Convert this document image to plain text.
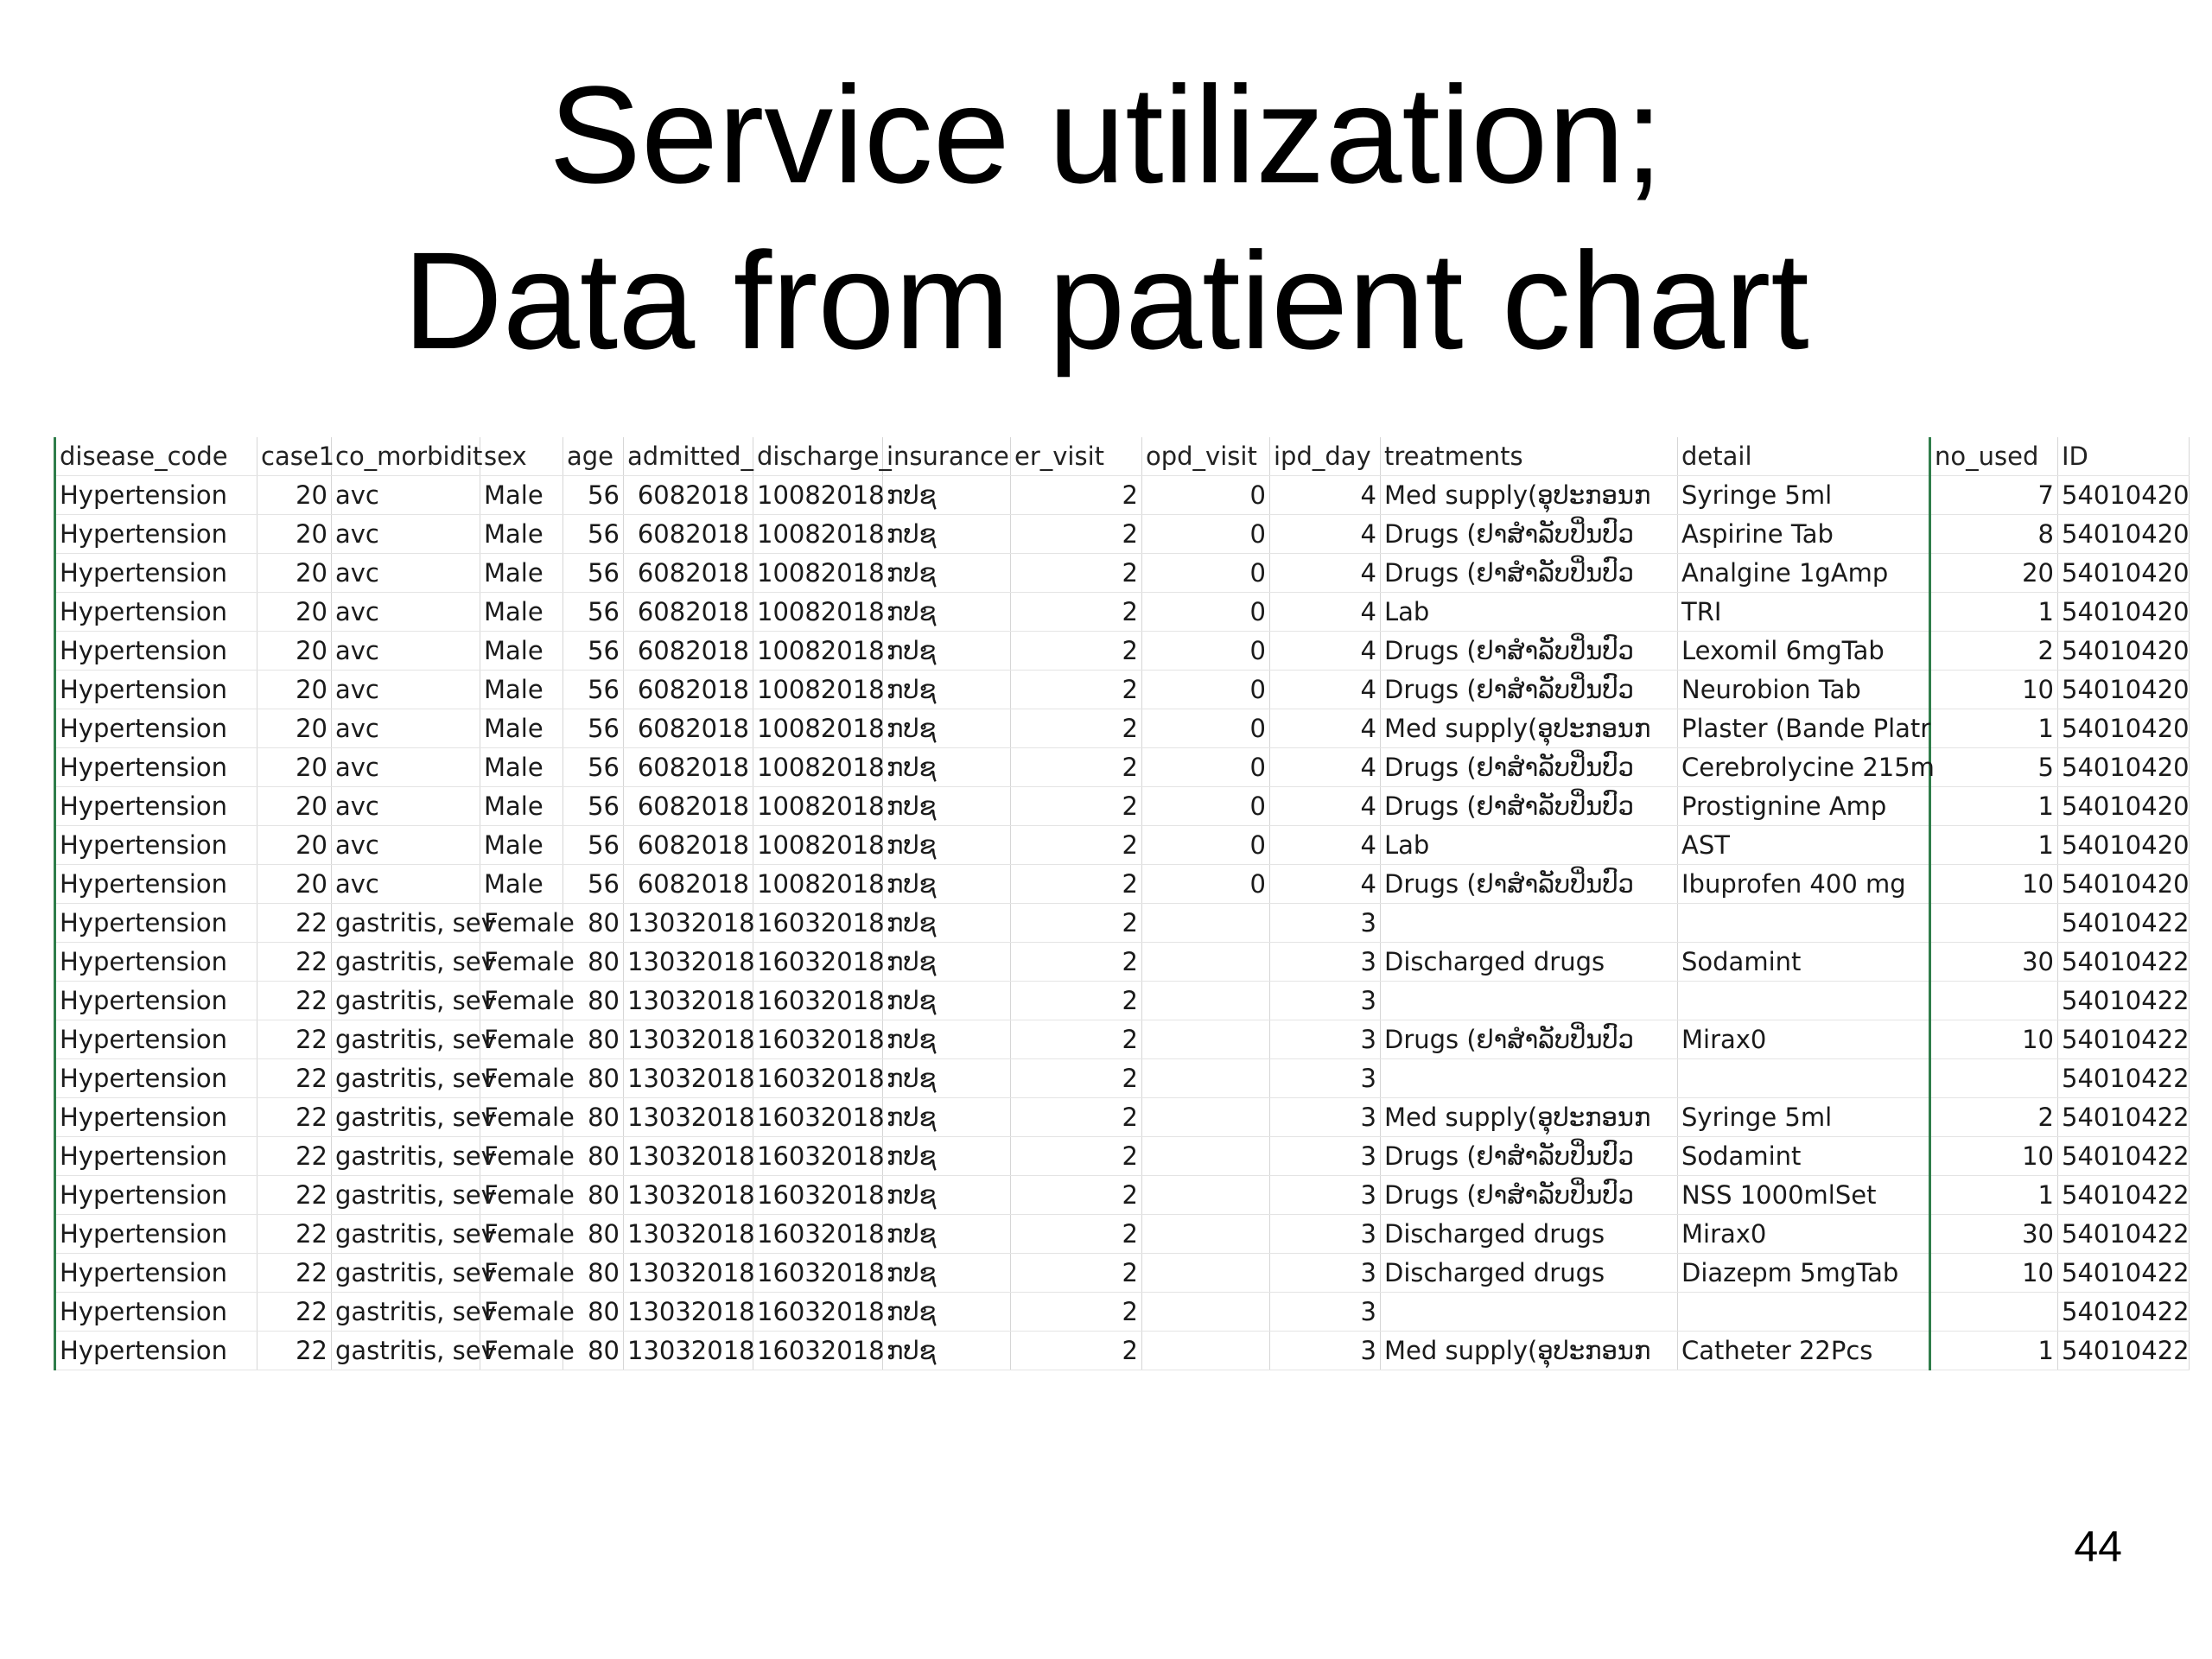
Service utilization;
Data from patient chart
disease_code	case1	co_morbidit	sex	age	admitted_	discharge_	insurance	er_visit	opd_visit	ipd_day	treatments	detail	no_used	ID
Hypertension	20	avc	Male	56	6082018	10082018	ກປຊ	2	0	4	Med supply(ອຸປະກອນກ	Syringe 5ml	7	54010420
Hypertension	20	avc	Male	56	6082018	10082018	ກປຊ	2	0	4	Drugs (ຢາສຳລັບປິ່ນປົວ	Aspirine Tab	8	54010420
Hypertension	20	avc	Male	56	6082018	10082018	ກປຊ	2	0	4	Drugs (ຢາສຳລັບປິ່ນປົວ	Analgine 1gAmp	20	54010420
Hypertension	20	avc	Male	56	6082018	10082018	ກປຊ	2	0	4	Lab	TRI	1	54010420
Hypertension	20	avc	Male	56	6082018	10082018	ກປຊ	2	0	4	Drugs (ຢາສຳລັບປິ່ນປົວ	Lexomil 6mgTab	2	54010420
Hypertension	20	avc	Male	56	6082018	10082018	ກປຊ	2	0	4	Drugs (ຢາສຳລັບປິ່ນປົວ	Neurobion Tab	10	54010420
Hypertension	20	avc	Male	56	6082018	10082018	ກປຊ	2	0	4	Med supply(ອຸປະກອນກ	Plaster (Bande Platr	1	54010420
Hypertension	20	avc	Male	56	6082018	10082018	ກປຊ	2	0	4	Drugs (ຢາສຳລັບປິ່ນປົວ	Cerebrolycine 215m	5	54010420
Hypertension	20	avc	Male	56	6082018	10082018	ກປຊ	2	0	4	Drugs (ຢາສຳລັບປິ່ນປົວ	Prostignine Amp	1	54010420
Hypertension	20	avc	Male	56	6082018	10082018	ກປຊ	2	0	4	Lab	AST	1	54010420
Hypertension	20	avc	Male	56	6082018	10082018	ກປຊ	2	0	4	Drugs (ຢາສຳລັບປິ່ນປົວ	Ibuprofen 400 mg	10	54010420
Hypertension	22	gastritis, sev	Female	80	13032018	16032018	ກປຊ	2		3				54010422
Hypertension	22	gastritis, sev	Female	80	13032018	16032018	ກປຊ	2		3	Discharged drugs	Sodamint	30	54010422
Hypertension	22	gastritis, sev	Female	80	13032018	16032018	ກປຊ	2		3				54010422
Hypertension	22	gastritis, sev	Female	80	13032018	16032018	ກປຊ	2		3	Drugs (ຢາສຳລັບປິ່ນປົວ	Mirax0	10	54010422
Hypertension	22	gastritis, sev	Female	80	13032018	16032018	ກປຊ	2		3				54010422
Hypertension	22	gastritis, sev	Female	80	13032018	16032018	ກປຊ	2		3	Med supply(ອຸປະກອນກ	Syringe 5ml	2	54010422
Hypertension	22	gastritis, sev	Female	80	13032018	16032018	ກປຊ	2		3	Drugs (ຢາສຳລັບປິ່ນປົວ	Sodamint	10	54010422
Hypertension	22	gastritis, sev	Female	80	13032018	16032018	ກປຊ	2		3	Drugs (ຢາສຳລັບປິ່ນປົວ	NSS 1000mlSet	1	54010422
Hypertension	22	gastritis, sev	Female	80	13032018	16032018	ກປຊ	2		3	Discharged drugs	Mirax0	30	54010422
Hypertension	22	gastritis, sev	Female	80	13032018	16032018	ກປຊ	2		3	Discharged drugs	Diazepm 5mgTab	10	54010422
Hypertension	22	gastritis, sev	Female	80	13032018	16032018	ກປຊ	2		3				54010422
Hypertension	22	gastritis, sev	Female	80	13032018	16032018	ກປຊ	2		3	Med supply(ອຸປະກອນກ	Catheter 22Pcs	1	54010422
44
